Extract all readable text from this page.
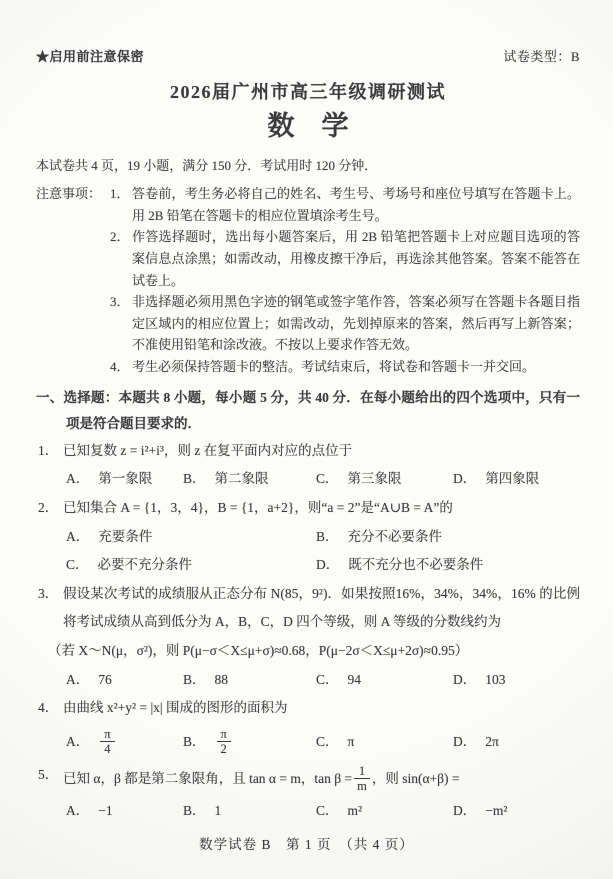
★启用前注意保密	试卷类型：B
2026届广州市高三年级调研测试
数　学
本试卷共 4 页，19 小题，满分 150 分．考试用时 120 分钟．
注意事项： 1． 答卷前，考生务必将自己的姓名、考生号、考场号和座位号填写在答题卡上。用 2B 铅笔在答题卡的相应位置填涂考生号。
2． 作答选择题时，选出每小题答案后，用 2B 铅笔把答题卡上对应题目选项的答案信息点涂黑；如需改动，用橡皮擦干净后，再选涂其他答案。答案不能答在试卷上。
3． 非选择题必须用黑色字迹的钢笔或签字笔作答，答案必须写在答题卡各题目指定区域内的相应位置上；如需改动，先划掉原来的答案，然后再写上新答案；不准使用铅笔和涂改液。不按以上要求作答无效。
4． 考生必须保持答题卡的整洁。考试结束后，将试卷和答题卡一并交回。
一、选择题：本题共 8 小题，每小题 5 分，共 40 分．在每小题给出的四个选项中，只有一项是符合题目要求的．
1． 已知复数 z = i²+i³，则 z 在复平面内对应的点位于
A． 第一象限 B． 第二象限	C． 第三象限	D． 第四象限
2． 已知集合 A = {1，3，4}，B = {1，a+2}，则“a = 2”是“A∪B = A”的
A． 充要条件	B． 充分不必要条件
C． 必要不充分条件	D． 既不充分也不必要条件
3． 假设某次考试的成绩服从正态分布 N(85，9²)．如果按照16%，34%，34%，16% 的比例将考试成绩从高到低分为 A，B，C，D 四个等级，则 A 等级的分数线约为
（若 X～N(μ，σ²)，则 P(μ−σ＜X≤μ+σ)≈0.68，P(μ−2σ＜X≤μ+2σ)≈0.95）
A． 76	B． 88	C． 94	D． 103
4． 由曲线 x²+y² = |x| 围成的图形的面积为
A． $\frac{\pi}{4}$	B． $\frac{\pi}{2}$	C． π	D． 2π
5． 已知 α，β 都是第二象限角，且 tan α = m，$\tan \beta = \frac{1}{m}$ ，则 sin(α+β) =
A． −1	B． 1	C． m²	D． −m²
数学试卷 B　第 1 页　（共 4 页）
